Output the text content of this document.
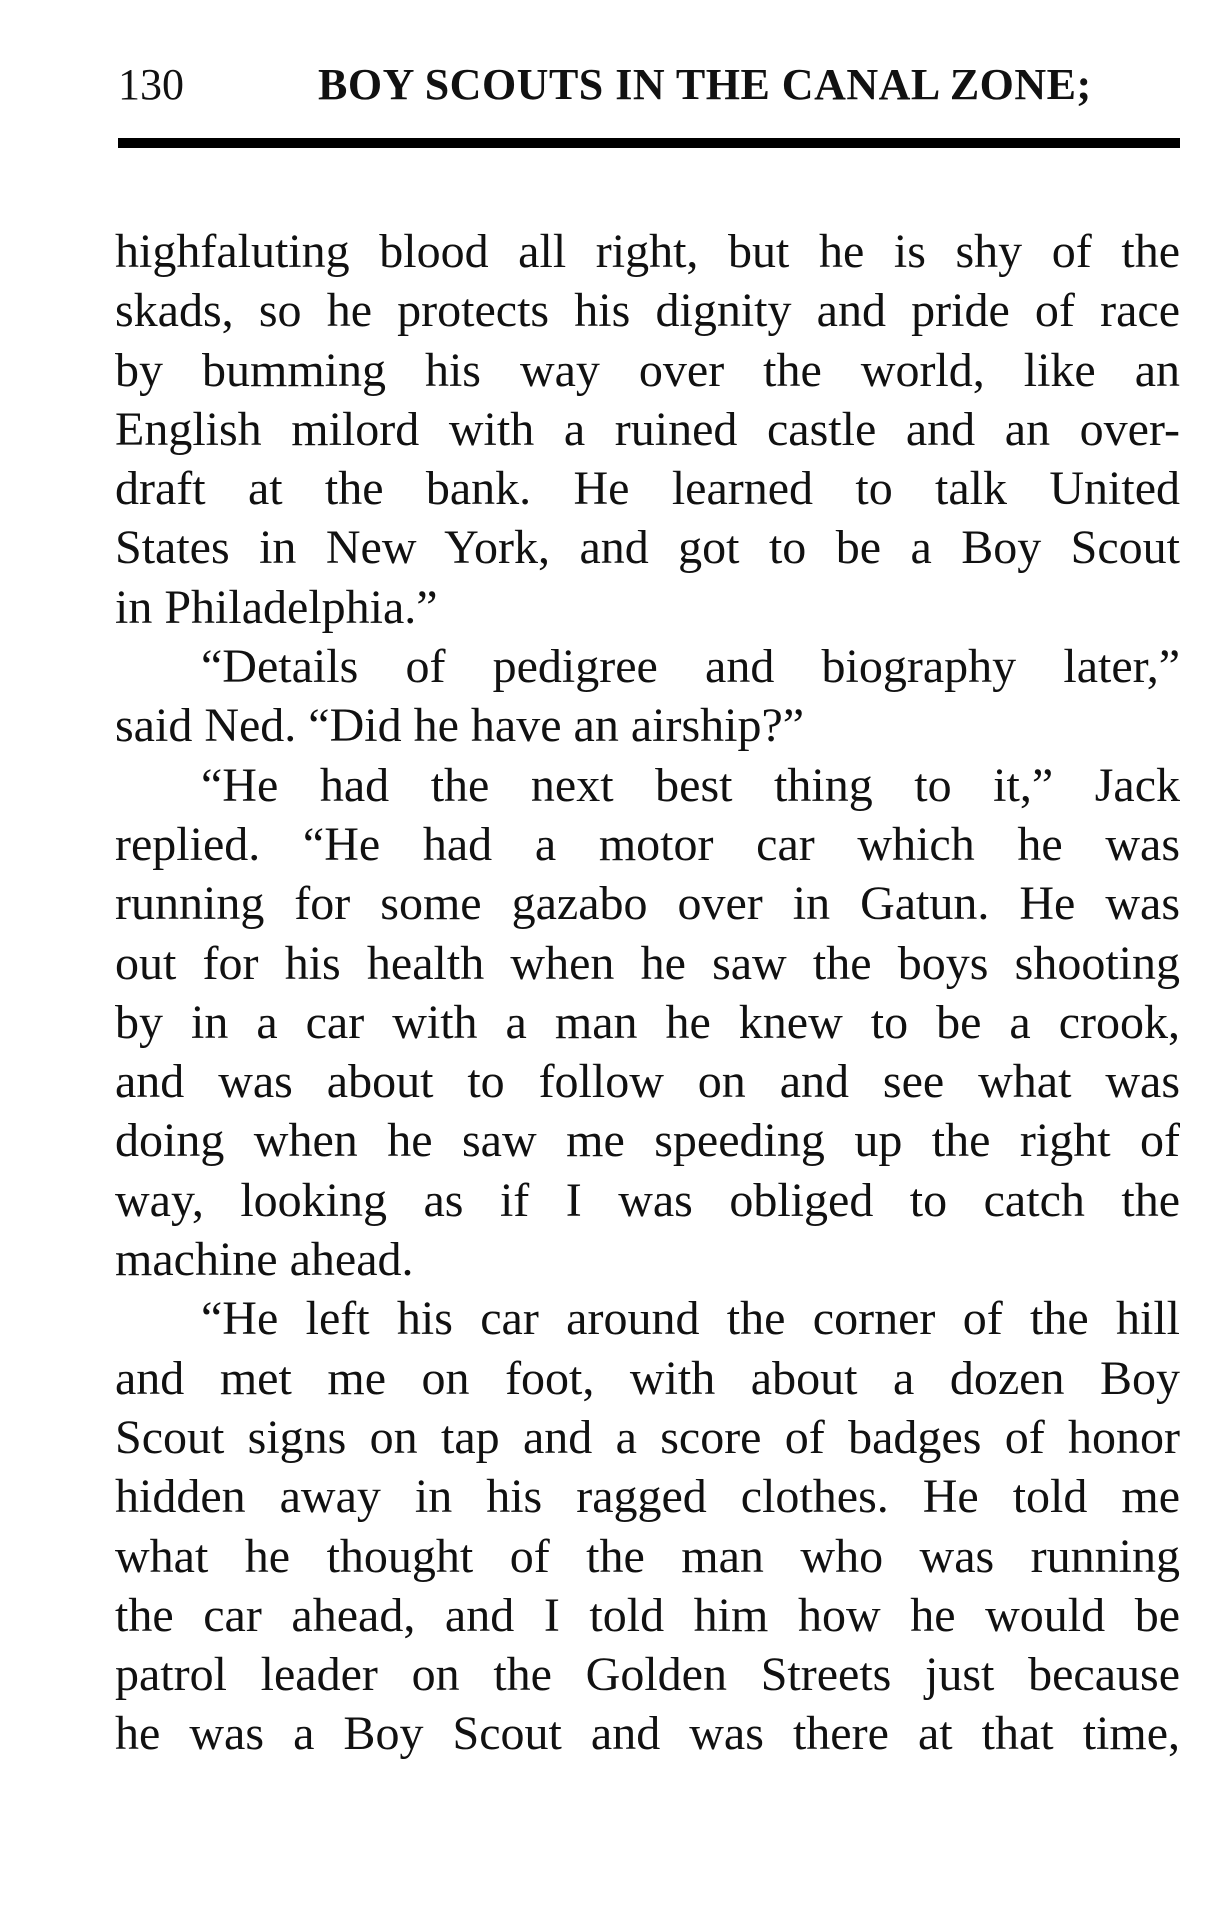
130	BOY SCOUTS IN THE CANAL ZONE;
highfaluting blood all right, but he is shy of the
skads, so he protects his dignity and pride of race
by bumming his way over the world, like an
English milord with a ruined castle and an over-
draft at the bank. He learned to talk United
States in New York, and got to be a Boy Scout
in Philadelphia.”
“Details of pedigree and biography later,”
said Ned. “Did he have an airship?”
“He had the next best thing to it,” Jack
replied. “He had a motor car which he was
running for some gazabo over in Gatun. He was
out for his health when he saw the boys shooting
by in a car with a man he knew to be a crook,
and was about to follow on and see what was
doing when he saw me speeding up the right of
way, looking as if I was obliged to catch the
machine ahead.
“He left his car around the corner of the hill
and met me on foot, with about a dozen Boy
Scout signs on tap and a score of badges of honor
hidden away in his ragged clothes. He told me
what he thought of the man who was running
the car ahead, and I told him how he would be
patrol leader on the Golden Streets just because
he was a Boy Scout and was there at that time,
